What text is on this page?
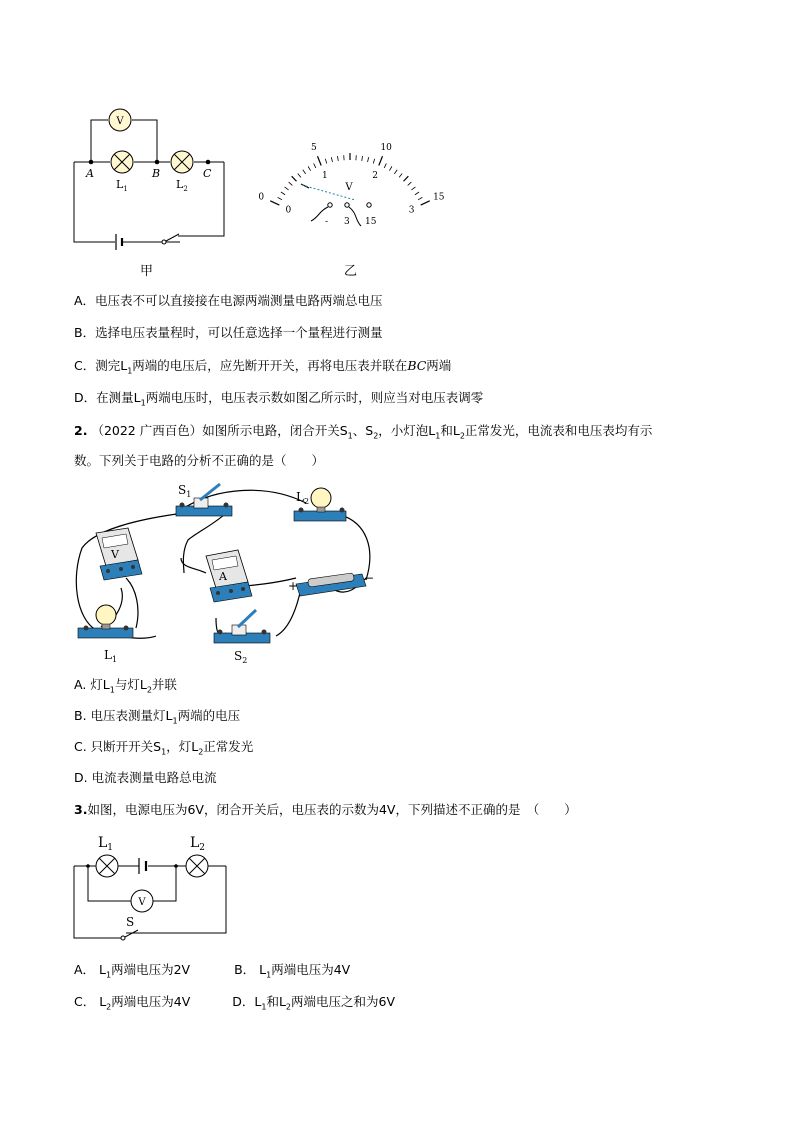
V
A	B	C
$L_1$	$L_2$
甲
0
5	10
15
0
1	2
3
V
- 3 15
乙
A．电压表不可以直接接在电源两端测量电路两端总电压
B．选择电压表量程时，可以任意选择一个量程进行测量
C．测完$L_1$两端的电压后，应先断开开关，再将电压表并联在BC两端
D．在测量$L_1$两端电压时，电压表示数如图乙所示时，则应当对电压表调零
2. （2022 广西百色）如图所示电路，闭合开关$S_1$、$S_2$，小灯泡$L_1$和$L_2$正常发光，电流表和电压表均有示
数。下列关于电路的分析不正确的是（　　）
$S_1$	$L_2$
V
A
+
−
$L_1$	$S_2$
A. 灯$L_1$与灯$L_2$并联
B. 电压表测量灯$L_1$两端的电压
C. 只断开开关$S_1$，灯$L_2$正常发光
D. 电流表测量电路总电流
3.如图，电源电压为6V，闭合开关后，电压表的示数为4V，下列描述不正确的是　（　　）
V
$L_1$	$L_2$
S
A． $L_1$两端电压为2V	B． $L_1$两端电压为4V
C． $L_2$两端电压为4V	D．$L_1$和$L_2$两端电压之和为6V
